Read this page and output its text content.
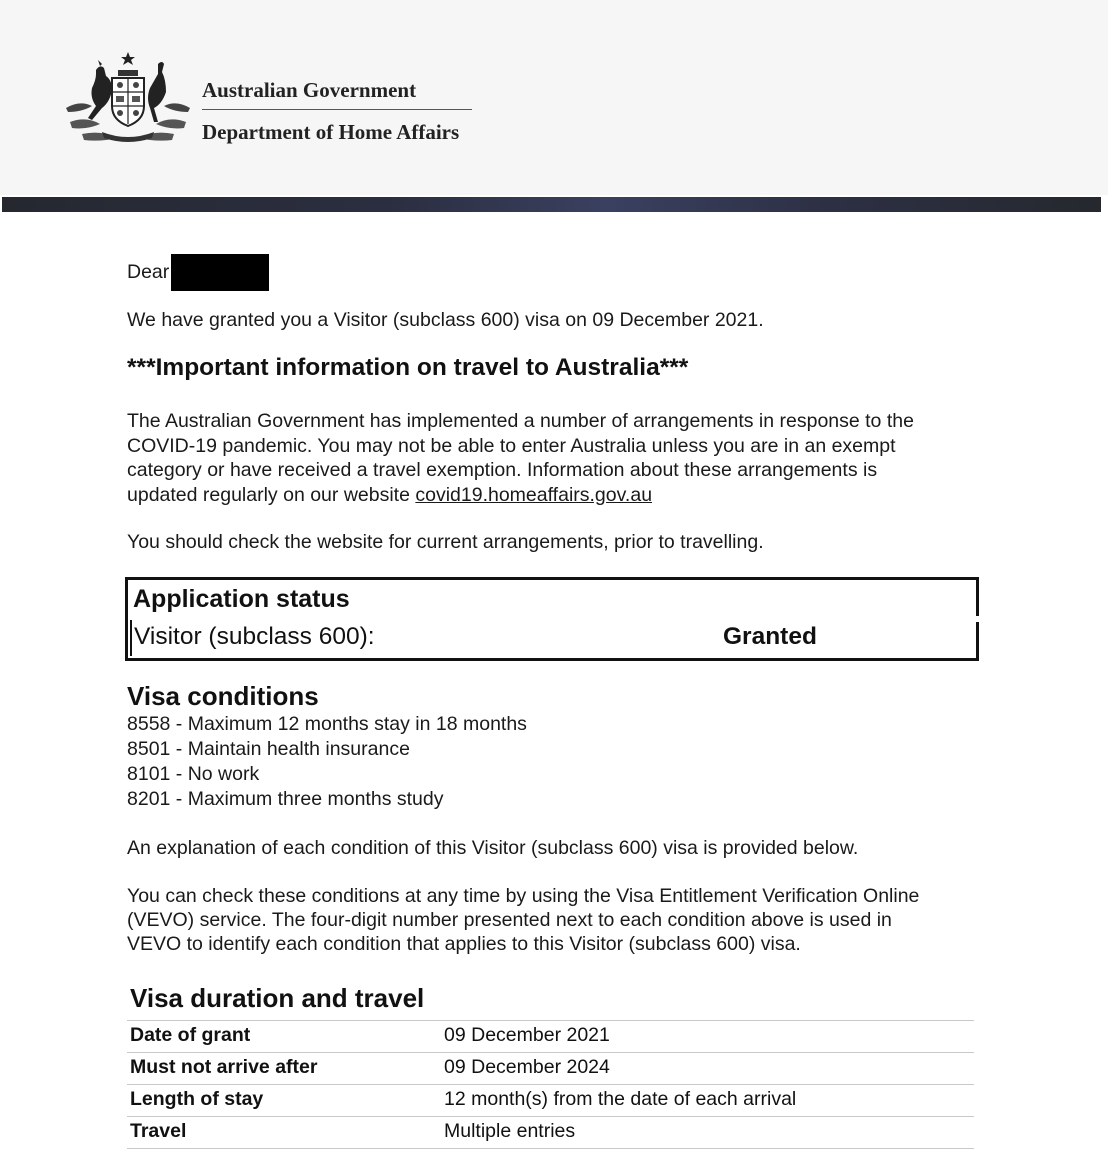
Australian Government
Department of Home Affairs
Dear
We have granted you a Visitor (subclass 600) visa on 09 December 2021.
***Important information on travel to Australia***
The Australian Government has implemented a number of arrangements in response to the
COVID-19 pandemic. You may not be able to enter Australia unless you are in an exempt
category or have received a travel exemption. Information about these arrangements is
updated regularly on our website covid19.homeaffairs.gov.au
You should check the website for current arrangements, prior to travelling.
Application status
Visitor (subclass 600):	Granted
Visa conditions
8558 - Maximum 12 months stay in 18 months
8501 - Maintain health insurance
8101 - No work
8201 - Maximum three months study
An explanation of each condition of this Visitor (subclass 600) visa is provided below.
You can check these conditions at any time by using the Visa Entitlement Verification Online
(VEVO) service. The four-digit number presented next to each condition above is used in
VEVO to identify each condition that applies to this Visitor (subclass 600) visa.
Visa duration and travel
Date of grant	09 December 2021
Must not arrive after	09 December 2024
Length of stay	12 month(s) from the date of each arrival
Travel	Multiple entries
